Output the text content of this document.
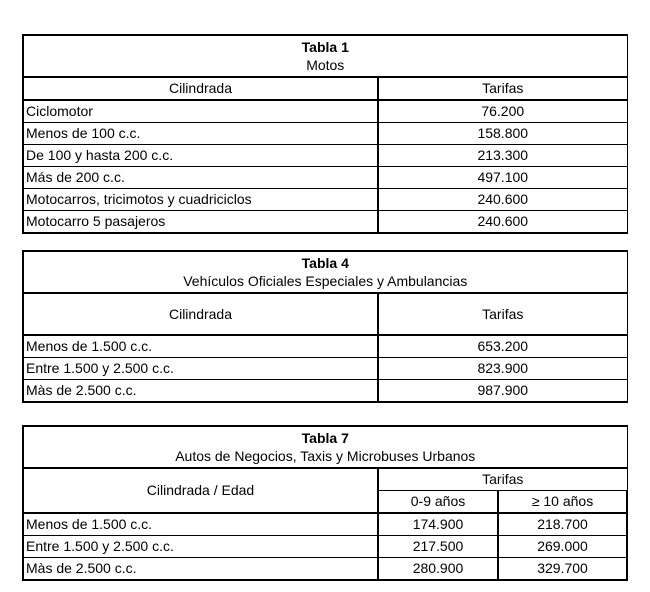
Tabla 1
Motos	

Cilindrada	Tarifas
Ciclomotor	76.200
Menos de 100 c.c.	158.800
De 100 y hasta 200 c.c.	213.300
Más de 200 c.c.	497.100
Motocarros, tricimotos y cuadriciclos	240.600
Motocarro 5 pasajeros	240.600
Tabla 4
Vehículos Oficiales Especiales y Ambulancias	

Cilindrada	Tarifas
Menos de 1.500 c.c.	653.200
Entre 1.500 y 2.500 c.c.	823.900
Màs de 2.500 c.c.	987.900
Tabla 7
Autos de Negocios, Taxis y Microbuses Urbanos		

Cilindrada / Edad	Tarifas	
	0-9 años	≥ 10 años
Menos de 1.500 c.c.	174.900	218.700
Entre 1.500 y 2.500 c.c.	217.500	269.000
Màs de 2.500 c.c.	280.900	329.700
